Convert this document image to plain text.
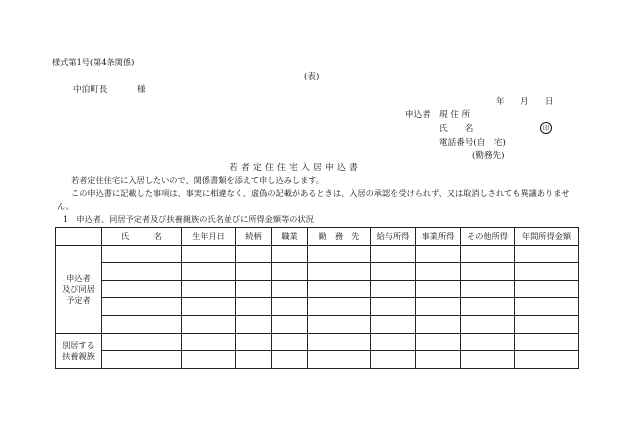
様式第1号(第4条関係)
(表)
中泊町長	様
年 月 日
申込者 現 住 所
氏　　名	印
電話番号(自　宅)
(勤務先)
若者定住住宅入居申込書
若者定住住宅に入居したいので、関係書類を添えて申し込みします。
この申込書に記載した事項は、事実に相違なく、虚偽の記載があるときは、入居の承認を受けられず、又は取消しされても異議ありませ
ん。
1　申込者、同居予定者及び扶養親族の氏名並びに所得金額等の状況
	氏　　　名	生年月日	続柄	職業	勤　務　先	給与所得	事業所得	その他所得	年間所得金額

申込者
及び同居
予定者									

別居する
扶養親族									
